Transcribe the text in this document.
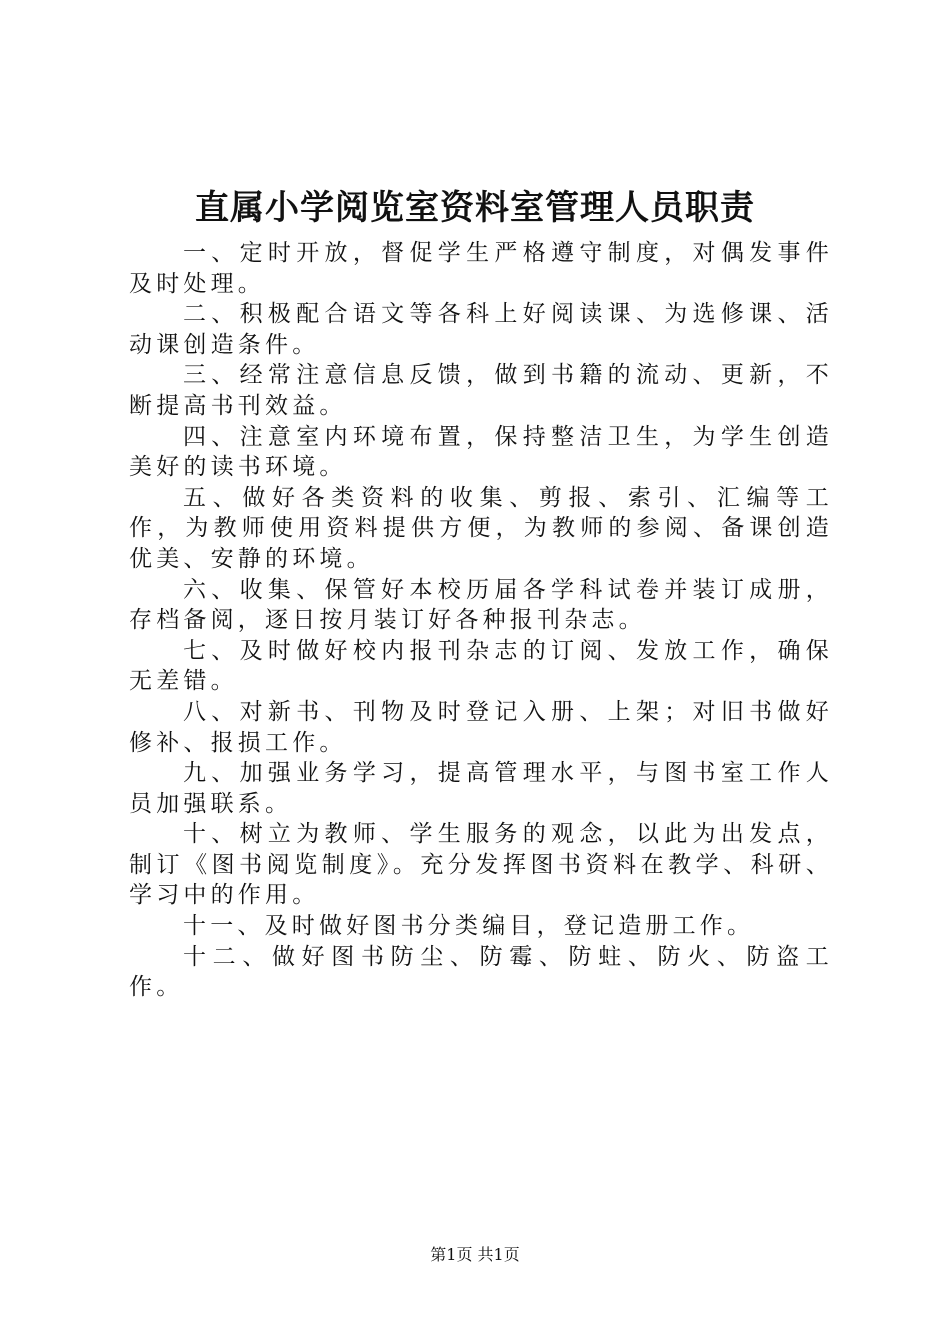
直属小学阅览室资料室管理人员职责

一、定时开放，督促学生严格遵守制度，对偶发事件及时处理。

二、积极配合语文等各科上好阅读课、为选修课、活动课创造条件。

三、经常注意信息反馈，做到书籍的流动、更新，不断提高书刊效益。

四、注意室内环境布置，保持整洁卫生，为学生创造美好的读书环境。

五、做好各类资料的收集、剪报、索引、汇编等工作，为教师使用资料提供方便，为教师的参阅、备课创造优美、安静的环境。

六、收集、保管好本校历届各学科试卷并装订成册，存档备阅，逐日按月装订好各种报刊杂志。

七、及时做好校内报刊杂志的订阅、发放工作，确保无差错。

八、对新书、刊物及时登记入册、上架；对旧书做好修补、报损工作。

九、加强业务学习，提高管理水平，与图书室工作人员加强联系。

十、树立为教师、学生服务的观念，以此为出发点，制订《图书阅览制度》。充分发挥图书资料在教学、科研、学习中的作用。

十一、及时做好图书分类编目，登记造册工作。

十二、做好图书防尘、防霉、防蛀、防火、防盗工作。

第1页 共1页
